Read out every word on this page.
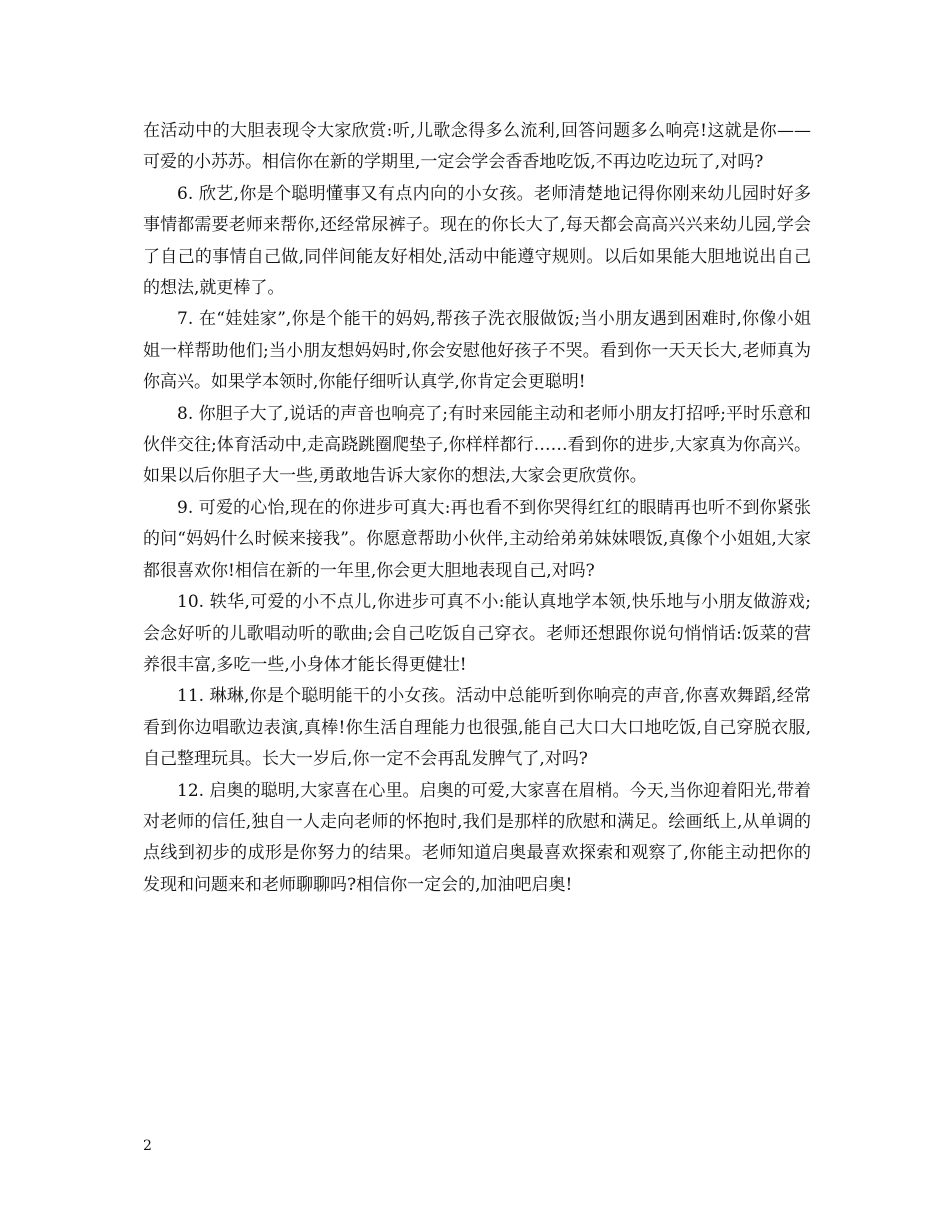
在活动中的大胆表现令大家欣赏:听,儿歌念得多么流利,回答问题多么响亮!这就是你——可爱的小苏苏。相信你在新的学期里,一定会学会香香地吃饭,不再边吃边玩了,对吗?

6. 欣艺,你是个聪明懂事又有点内向的小女孩。老师清楚地记得你刚来幼儿园时好多事情都需要老师来帮你,还经常尿裤子。现在的你长大了,每天都会高高兴兴来幼儿园,学会了自己的事情自己做,同伴间能友好相处,活动中能遵守规则。以后如果能大胆地说出自己的想法,就更棒了。

7. 在“娃娃家”,你是个能干的妈妈,帮孩子洗衣服做饭;当小朋友遇到困难时,你像小姐姐一样帮助他们;当小朋友想妈妈时,你会安慰他好孩子不哭。看到你一天天长大,老师真为你高兴。如果学本领时,你能仔细听认真学,你肯定会更聪明!

8. 你胆子大了,说话的声音也响亮了;有时来园能主动和老师小朋友打招呼;平时乐意和伙伴交往;体育活动中,走高跷跳圈爬垫子,你样样都行……看到你的进步,大家真为你高兴。如果以后你胆子大一些,勇敢地告诉大家你的想法,大家会更欣赏你。

9. 可爱的心怡,现在的你进步可真大:再也看不到你哭得红红的眼睛再也听不到你紧张的问“妈妈什么时候来接我”。你愿意帮助小伙伴,主动给弟弟妹妹喂饭,真像个小姐姐,大家都很喜欢你!相信在新的一年里,你会更大胆地表现自己,对吗?

10. 轶华,可爱的小不点儿,你进步可真不小:能认真地学本领,快乐地与小朋友做游戏;会念好听的儿歌唱动听的歌曲;会自己吃饭自己穿衣。老师还想跟你说句悄悄话:饭菜的营养很丰富,多吃一些,小身体才能长得更健壮!

11. 琳琳,你是个聪明能干的小女孩。活动中总能听到你响亮的声音,你喜欢舞蹈,经常看到你边唱歌边表演,真棒!你生活自理能力也很强,能自己大口大口地吃饭,自己穿脱衣服,自己整理玩具。长大一岁后,你一定不会再乱发脾气了,对吗?

12. 启奥的聪明,大家喜在心里。启奥的可爱,大家喜在眉梢。今天,当你迎着阳光,带着对老师的信任,独自一人走向老师的怀抱时,我们是那样的欣慰和满足。绘画纸上,从单调的点线到初步的成形是你努力的结果。老师知道启奥最喜欢探索和观察了,你能主动把你的发现和问题来和老师聊聊吗?相信你一定会的,加油吧启奥!

2
